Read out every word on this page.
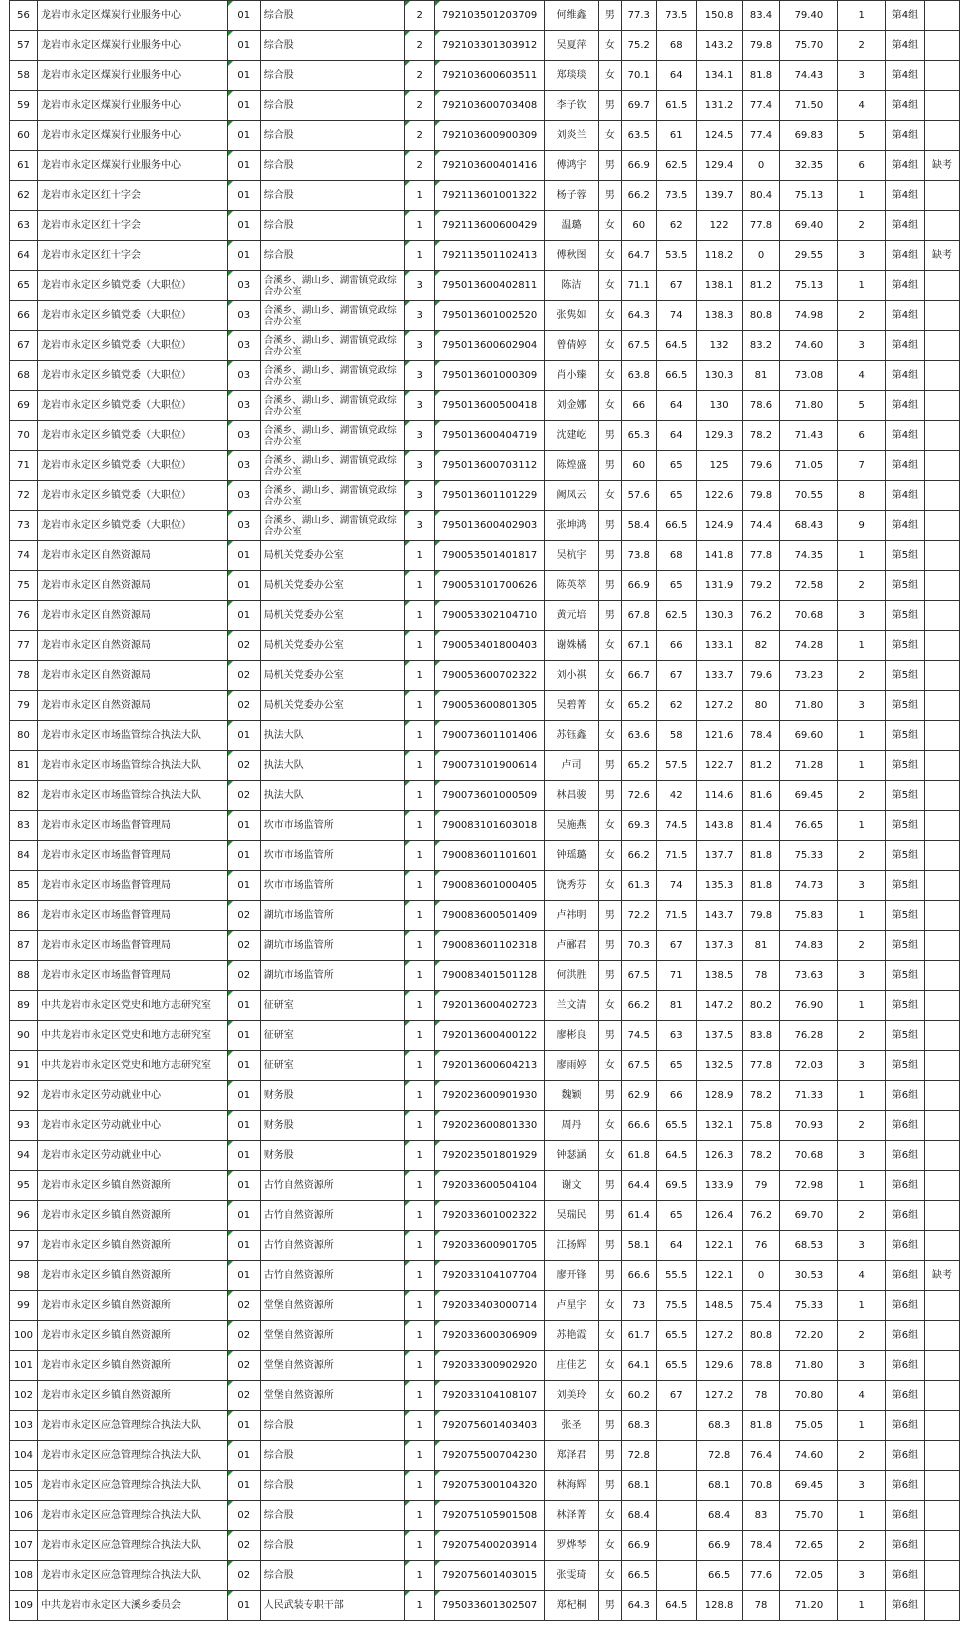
56	龙岩市永定区煤炭行业服务中心	01	综合股	2	792103501203709	何维鑫	男	77.3	73.5	150.8	83.4	79.40	1	第4组	
57	龙岩市永定区煤炭行业服务中心	01	综合股	2	792103301303912	吴夏萍	女	75.2	68	143.2	79.8	75.70	2	第4组	
58	龙岩市永定区煤炭行业服务中心	01	综合股	2	792103600603511	郑琰琰	女	70.1	64	134.1	81.8	74.43	3	第4组	
59	龙岩市永定区煤炭行业服务中心	01	综合股	2	792103600703408	李子钦	男	69.7	61.5	131.2	77.4	71.50	4	第4组	
60	龙岩市永定区煤炭行业服务中心	01	综合股	2	792103600900309	刘炎兰	女	63.5	61	124.5	77.4	69.83	5	第4组	
61	龙岩市永定区煤炭行业服务中心	01	综合股	2	792103600401416	傅鸿宇	男	66.9	62.5	129.4	0	32.35	6	第4组	缺考
62	龙岩市永定区红十字会	01	综合股	1	792113601001322	杨子蓉	男	66.2	73.5	139.7	80.4	75.13	1	第4组	
63	龙岩市永定区红十字会	01	综合股	1	792113600600429	温璐	女	60	62	122	77.8	69.40	2	第4组	
64	龙岩市永定区红十字会	01	综合股	1	792113501102413	傅秋图	女	64.7	53.5	118.2	0	29.55	3	第4组	缺考
65	龙岩市永定区乡镇党委（大职位）	03	合溪乡、湖山乡、湖雷镇党政综合办公室	3	795013600402811	陈洁	女	71.1	67	138.1	81.2	75.13	1	第4组	
66	龙岩市永定区乡镇党委（大职位）	03	合溪乡、湖山乡、湖雷镇党政综合办公室	3	795013601002520	张隽如	女	64.3	74	138.3	80.8	74.98	2	第4组	
67	龙岩市永定区乡镇党委（大职位）	03	合溪乡、湖山乡、湖雷镇党政综合办公室	3	795013600602904	曾倩婷	女	67.5	64.5	132	83.2	74.60	3	第4组	
68	龙岩市永定区乡镇党委（大职位）	03	合溪乡、湖山乡、湖雷镇党政综合办公室	3	795013601000309	肖小臻	女	63.8	66.5	130.3	81	73.08	4	第4组	
69	龙岩市永定区乡镇党委（大职位）	03	合溪乡、湖山乡、湖雷镇党政综合办公室	3	795013600500418	刘金娜	女	66	64	130	78.6	71.80	5	第4组	
70	龙岩市永定区乡镇党委（大职位）	03	合溪乡、湖山乡、湖雷镇党政综合办公室	3	795013600404719	沈建屹	男	65.3	64	129.3	78.2	71.43	6	第4组	
71	龙岩市永定区乡镇党委（大职位）	03	合溪乡、湖山乡、湖雷镇党政综合办公室	3	795013600703112	陈煌盛	男	60	65	125	79.6	71.05	7	第4组	
72	龙岩市永定区乡镇党委（大职位）	03	合溪乡、湖山乡、湖雷镇党政综合办公室	3	795013601101229	阙凤云	女	57.6	65	122.6	79.8	70.55	8	第4组	
73	龙岩市永定区乡镇党委（大职位）	03	合溪乡、湖山乡、湖雷镇党政综合办公室	3	795013600402903	张坤鸿	男	58.4	66.5	124.9	74.4	68.43	9	第4组	
74	龙岩市永定区自然资源局	01	局机关党委办公室	1	790053501401817	吴杭宇	男	73.8	68	141.8	77.8	74.35	1	第5组	
75	龙岩市永定区自然资源局	01	局机关党委办公室	1	790053101700626	陈英萃	男	66.9	65	131.9	79.2	72.58	2	第5组	
76	龙岩市永定区自然资源局	01	局机关党委办公室	1	790053302104710	黄元培	男	67.8	62.5	130.3	76.2	70.68	3	第5组	
77	龙岩市永定区自然资源局	02	局机关党委办公室	1	790053401800403	谢姝橘	女	67.1	66	133.1	82	74.28	1	第5组	
78	龙岩市永定区自然资源局	02	局机关党委办公室	1	790053600702322	刘小祺	女	66.7	67	133.7	79.6	73.23	2	第5组	
79	龙岩市永定区自然资源局	02	局机关党委办公室	1	790053600801305	吴碧菁	女	65.2	62	127.2	80	71.80	3	第5组	
80	龙岩市永定区市场监管综合执法大队	01	执法大队	1	790073601101406	苏钰鑫	女	63.6	58	121.6	78.4	69.60	1	第5组	
81	龙岩市永定区市场监管综合执法大队	02	执法大队	1	790073101900614	卢司	男	65.2	57.5	122.7	81.2	71.28	1	第5组	
82	龙岩市永定区市场监管综合执法大队	02	执法大队	1	790073601000509	林昌骏	男	72.6	42	114.6	81.6	69.45	2	第5组	
83	龙岩市永定区市场监督管理局	01	坎市市场监管所	1	790083101603018	吴施燕	女	69.3	74.5	143.8	81.4	76.65	1	第5组	
84	龙岩市永定区市场监督管理局	01	坎市市场监管所	1	790083601101601	钟瑶璐	女	66.2	71.5	137.7	81.8	75.33	2	第5组	
85	龙岩市永定区市场监督管理局	01	坎市市场监管所	1	790083601000405	饶秀芬	女	61.3	74	135.3	81.8	74.73	3	第5组	
86	龙岩市永定区市场监督管理局	02	湖坑市场监管所	1	790083600501409	卢祎明	男	72.2	71.5	143.7	79.8	75.83	1	第5组	
87	龙岩市永定区市场监督管理局	02	湖坑市场监管所	1	790083601102318	卢郦君	男	70.3	67	137.3	81	74.83	2	第5组	
88	龙岩市永定区市场监督管理局	02	湖坑市场监管所	1	790083401501128	何洪胜	男	67.5	71	138.5	78	73.63	3	第5组	
89	中共龙岩市永定区党史和地方志研究室	01	征研室	1	792013600402723	兰文清	女	66.2	81	147.2	80.2	76.90	1	第5组	
90	中共龙岩市永定区党史和地方志研究室	01	征研室	1	792013600400122	廖彬良	男	74.5	63	137.5	83.8	76.28	2	第5组	
91	中共龙岩市永定区党史和地方志研究室	01	征研室	1	792013600604213	廖雨婷	女	67.5	65	132.5	77.8	72.03	3	第5组	
92	龙岩市永定区劳动就业中心	01	财务股	1	792023600901930	魏颖	男	62.9	66	128.9	78.2	71.33	1	第6组	
93	龙岩市永定区劳动就业中心	01	财务股	1	792023600801330	周丹	女	66.6	65.5	132.1	75.8	70.93	2	第6组	
94	龙岩市永定区劳动就业中心	01	财务股	1	792023501801929	钟瑟涵	女	61.8	64.5	126.3	78.2	70.68	3	第6组	
95	龙岩市永定区乡镇自然资源所	01	古竹自然资源所	1	792033600504104	谢文	男	64.4	69.5	133.9	79	72.98	1	第6组	
96	龙岩市永定区乡镇自然资源所	01	古竹自然资源所	1	792033601002322	吴瑞民	男	61.4	65	126.4	76.2	69.70	2	第6组	
97	龙岩市永定区乡镇自然资源所	01	古竹自然资源所	1	792033600901705	江扬辉	男	58.1	64	122.1	76	68.53	3	第6组	
98	龙岩市永定区乡镇自然资源所	01	古竹自然资源所	1	792033104107704	廖开锋	男	66.6	55.5	122.1	0	30.53	4	第6组	缺考
99	龙岩市永定区乡镇自然资源所	02	堂堡自然资源所	1	792033403000714	卢星宇	女	73	75.5	148.5	75.4	75.33	1	第6组	
100	龙岩市永定区乡镇自然资源所	02	堂堡自然资源所	1	792033600306909	苏艳霞	女	61.7	65.5	127.2	80.8	72.20	2	第6组	
101	龙岩市永定区乡镇自然资源所	02	堂堡自然资源所	1	792033300902920	庄佳艺	女	64.1	65.5	129.6	78.8	71.80	3	第6组	
102	龙岩市永定区乡镇自然资源所	02	堂堡自然资源所	1	792033104108107	刘美玲	女	60.2	67	127.2	78	70.80	4	第6组	
103	龙岩市永定区应急管理综合执法大队	01	综合股	1	792075601403403	张圣	男	68.3		68.3	81.8	75.05	1	第6组	
104	龙岩市永定区应急管理综合执法大队	01	综合股	1	792075500704230	郑泽君	男	72.8		72.8	76.4	74.60	2	第6组	
105	龙岩市永定区应急管理综合执法大队	01	综合股	1	792075300104320	林海辉	男	68.1		68.1	70.8	69.45	3	第6组	
106	龙岩市永定区应急管理综合执法大队	02	综合股	1	792075105901508	林泽菁	女	68.4		68.4	83	75.70	1	第6组	
107	龙岩市永定区应急管理综合执法大队	02	综合股	1	792075400203914	罗烨琴	女	66.9		66.9	78.4	72.65	2	第6组	
108	龙岩市永定区应急管理综合执法大队	02	综合股	1	792075601403015	张雯琦	女	66.5		66.5	77.6	72.05	3	第6组	
109	中共龙岩市永定区大溪乡委员会	01	人民武装专职干部	1	795033601302507	郑杞桐	男	64.3	64.5	128.8	78	71.20	1	第6组	
